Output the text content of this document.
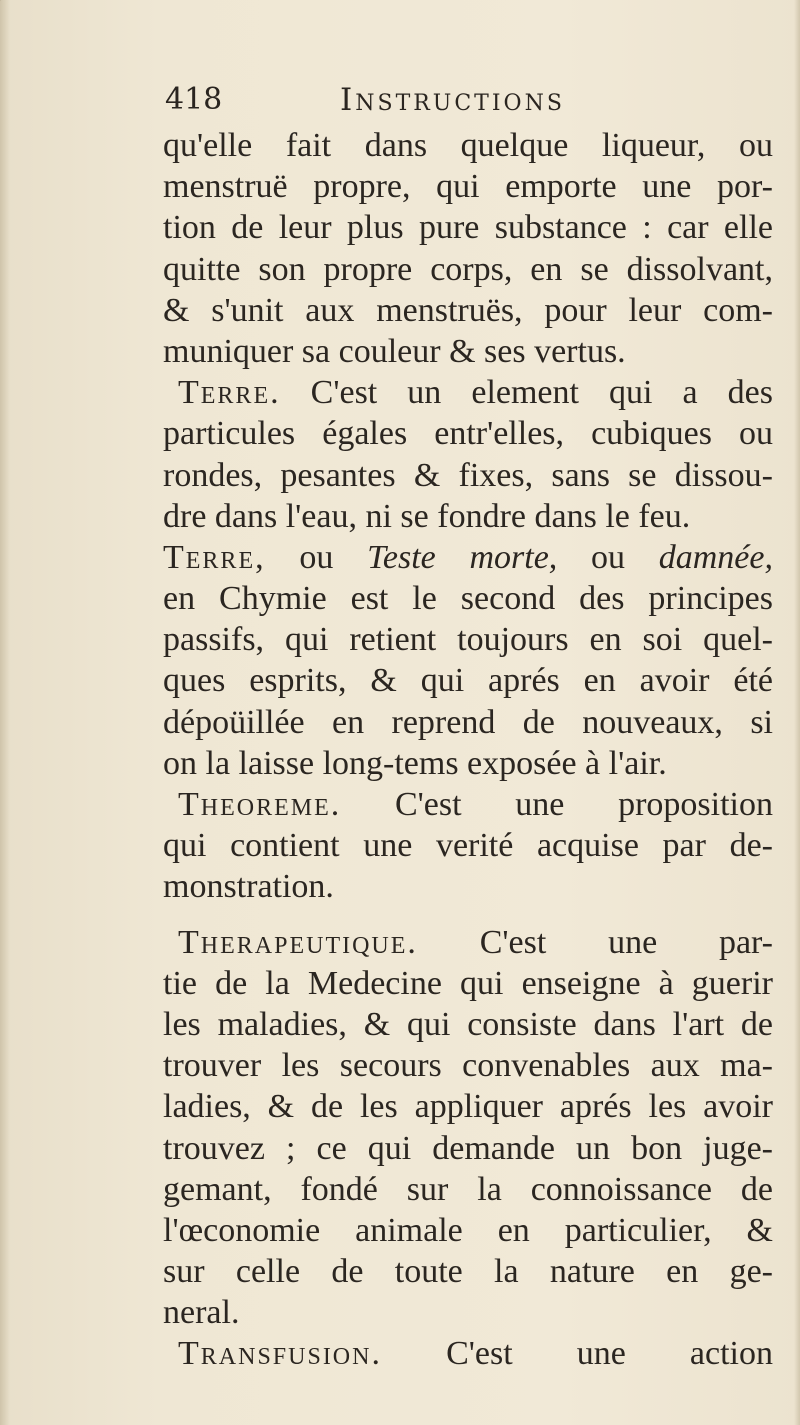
418	Instructions
qu'elle fait dans quelque liqueur, ou
menstruë propre, qui emporte une por-
tion de leur plus pure substance : car elle
quitte son propre corps, en se dissolvant,
& s'unit aux menstruës, pour leur com-
muniquer sa couleur & ses vertus.
Terre. C'est un element qui a des
particules égales entr'elles, cubiques ou
rondes, pesantes & fixes, sans se dissou-
dre dans l'eau, ni se fondre dans le feu.
Terre, ou Teste morte, ou damnée,
en Chymie est le second des principes
passifs, qui retient toujours en soi quel-
ques esprits, & qui aprés en avoir été
dépoüillée en reprend de nouveaux, si
on la laisse long-tems exposée à l'air.
Theoreme. C'est une proposition
qui contient une verité acquise par de-
monstration.
Therapeutique. C'est une par-
tie de la Medecine qui enseigne à guerir
les maladies, & qui consiste dans l'art de
trouver les secours convenables aux ma-
ladies, & de les appliquer aprés les avoir
trouvez ; ce qui demande un bon juge-
gemant, fondé sur la connoissance de
l'œconomie animale en particulier, &
sur celle de toute la nature en ge-
neral.
Transfusion. C'est une action
